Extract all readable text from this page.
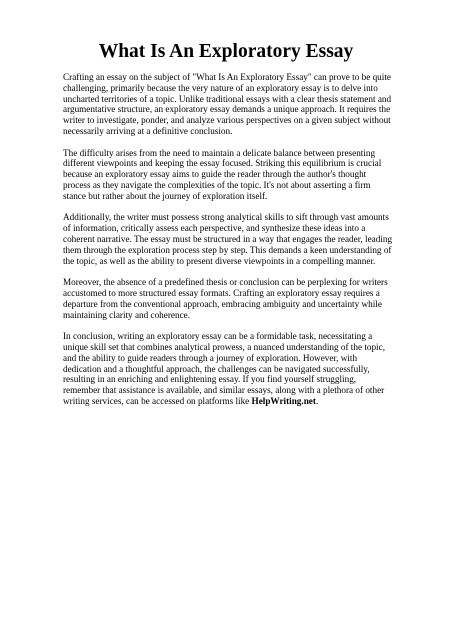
What Is An Exploratory Essay

Crafting an essay on the subject of "What Is An Exploratory Essay" can prove to be quite challenging, primarily because the very nature of an exploratory essay is to delve into uncharted territories of a topic. Unlike traditional essays with a clear thesis statement and argumentative structure, an exploratory essay demands a unique approach. It requires the writer to investigate, ponder, and analyze various perspectives on a given subject without necessarily arriving at a definitive conclusion.

The difficulty arises from the need to maintain a delicate balance between presenting different viewpoints and keeping the essay focused. Striking this equilibrium is crucial because an exploratory essay aims to guide the reader through the author's thought process as they navigate the complexities of the topic. It's not about asserting a firm stance but rather about the journey of exploration itself.

Additionally, the writer must possess strong analytical skills to sift through vast amounts of information, critically assess each perspective, and synthesize these ideas into a coherent narrative. The essay must be structured in a way that engages the reader, leading them through the exploration process step by step. This demands a keen understanding of the topic, as well as the ability to present diverse viewpoints in a compelling manner.

Moreover, the absence of a predefined thesis or conclusion can be perplexing for writers accustomed to more structured essay formats. Crafting an exploratory essay requires a departure from the conventional approach, embracing ambiguity and uncertainty while maintaining clarity and coherence.

In conclusion, writing an exploratory essay can be a formidable task, necessitating a unique skill set that combines analytical prowess, a nuanced understanding of the topic, and the ability to guide readers through a journey of exploration. However, with dedication and a thoughtful approach, the challenges can be navigated successfully, resulting in an enriching and enlightening essay. If you find yourself struggling, remember that assistance is available, and similar essays, along with a plethora of other writing services, can be accessed on platforms like HelpWriting.net.
